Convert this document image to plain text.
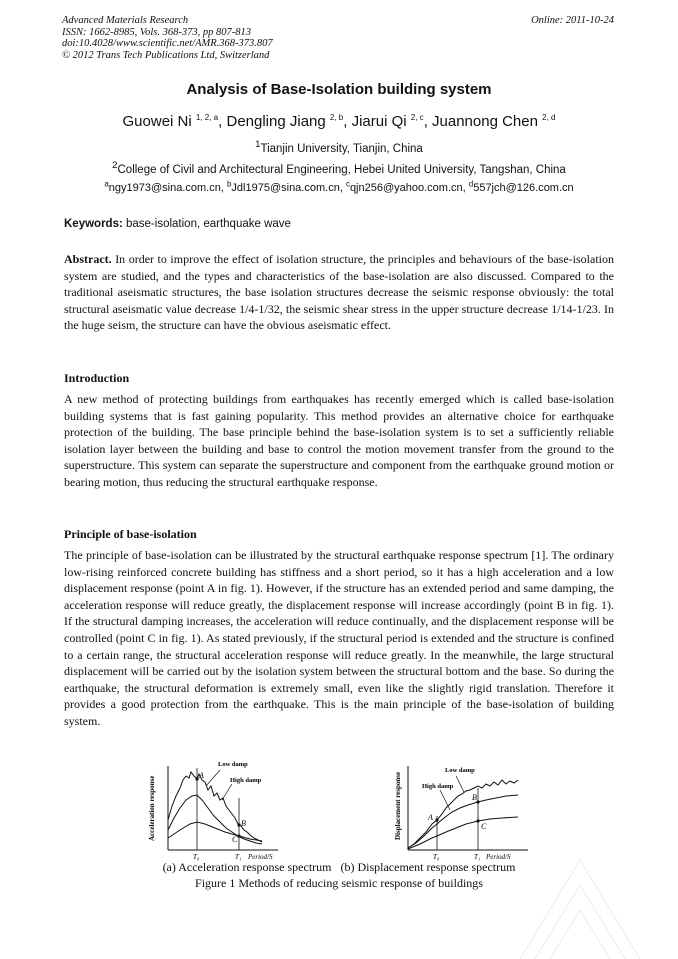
Advanced Materials Research
ISSN: 1662-8985, Vols. 368-373, pp 807-813
doi:10.4028/www.scientific.net/AMR.368-373.807
© 2012 Trans Tech Publications Ltd, Switzerland
Online: 2011-10-24
Analysis of Base-Isolation building system
Guowei Ni $^{1, 2, a}$, Dengling Jiang $^{2, b}$, Jiarui Qi $^{2, c}$, Juannong Chen $^{2, d}$
$^1$Tianjin University, Tianjin, China
$^2$College of Civil and Architectural Engineering, Hebei United University, Tangshan, China
$^a$ngy1973@sina.com.cn, $^b$Jdl1975@sina.com.cn, $^c$qjn256@yahoo.com.cn, $^d$557jch@126.com.cn
Keywords: base-isolation, earthquake wave
Abstract. In order to improve the effect of isolation structure, the principles and behaviours of the base-isolation system are studied, and the types and characteristics of the base-isolation are also discussed. Compared to the traditional aseismatic structures, the base isolation structures decrease the seismic response obviously: the total structural aseismatic value decrease 1/4-1/32, the seismic shear stress in the upper structure decrease 1/14-1/23. In the huge seism, the structure can have the obvious aseismatic effect.
Introduction
A new method of protecting buildings from earthquakes has recently emerged which is called base-isolation building systems that is fast gaining popularity. This method provides an alternative choice for earthquake protection of the building. The base principle behind the base-isolation system is to set a sufficiently reliable isolation layer between the building and base to control the motion movement transfer from the ground to the superstructure. This system can separate the superstructure and component from the earthquake ground motion or bearing motion, thus reducing the structural earthquake response.
Principle of base-isolation
The principle of base-isolation can be illustrated by the structural earthquake response spectrum [1]. The ordinary low-rising reinforced concrete building has stiffness and a short period, so it has a high acceleration and a low displacement response (point A in fig. 1). However, if the structure has an extended period and same damping, the acceleration response will reduce greatly, the displacement response will increase accordingly (point B in fig. 1). If the structural damping increases, the acceleration will reduce continually, and the displacement response will be controlled (point C in fig. 1). As stated previously, if the structural period is extended and the structure is confined to a certain range, the structural acceleration response will reduce greatly. In the meanwhile, the large structural displacement will be carried out by the isolation system between the structural bottom and the base. So during the earthquake, the structural deformation is extremely small, even like the slightly rigid translation. Therefore it provides a good protection from the earthquake. This is the main principle of the base-isolation of building system.
Acceleration response
Low damp
High damp
A
B
C
T₀	T₁ Period/S
Displacement response
Low damp
High damp
A
B
C
T₀	T₁ Period/S
(a) Acceleration response spectrum   (b) Displacement response spectrum
Figure 1 Methods of reducing seismic response of buildings
